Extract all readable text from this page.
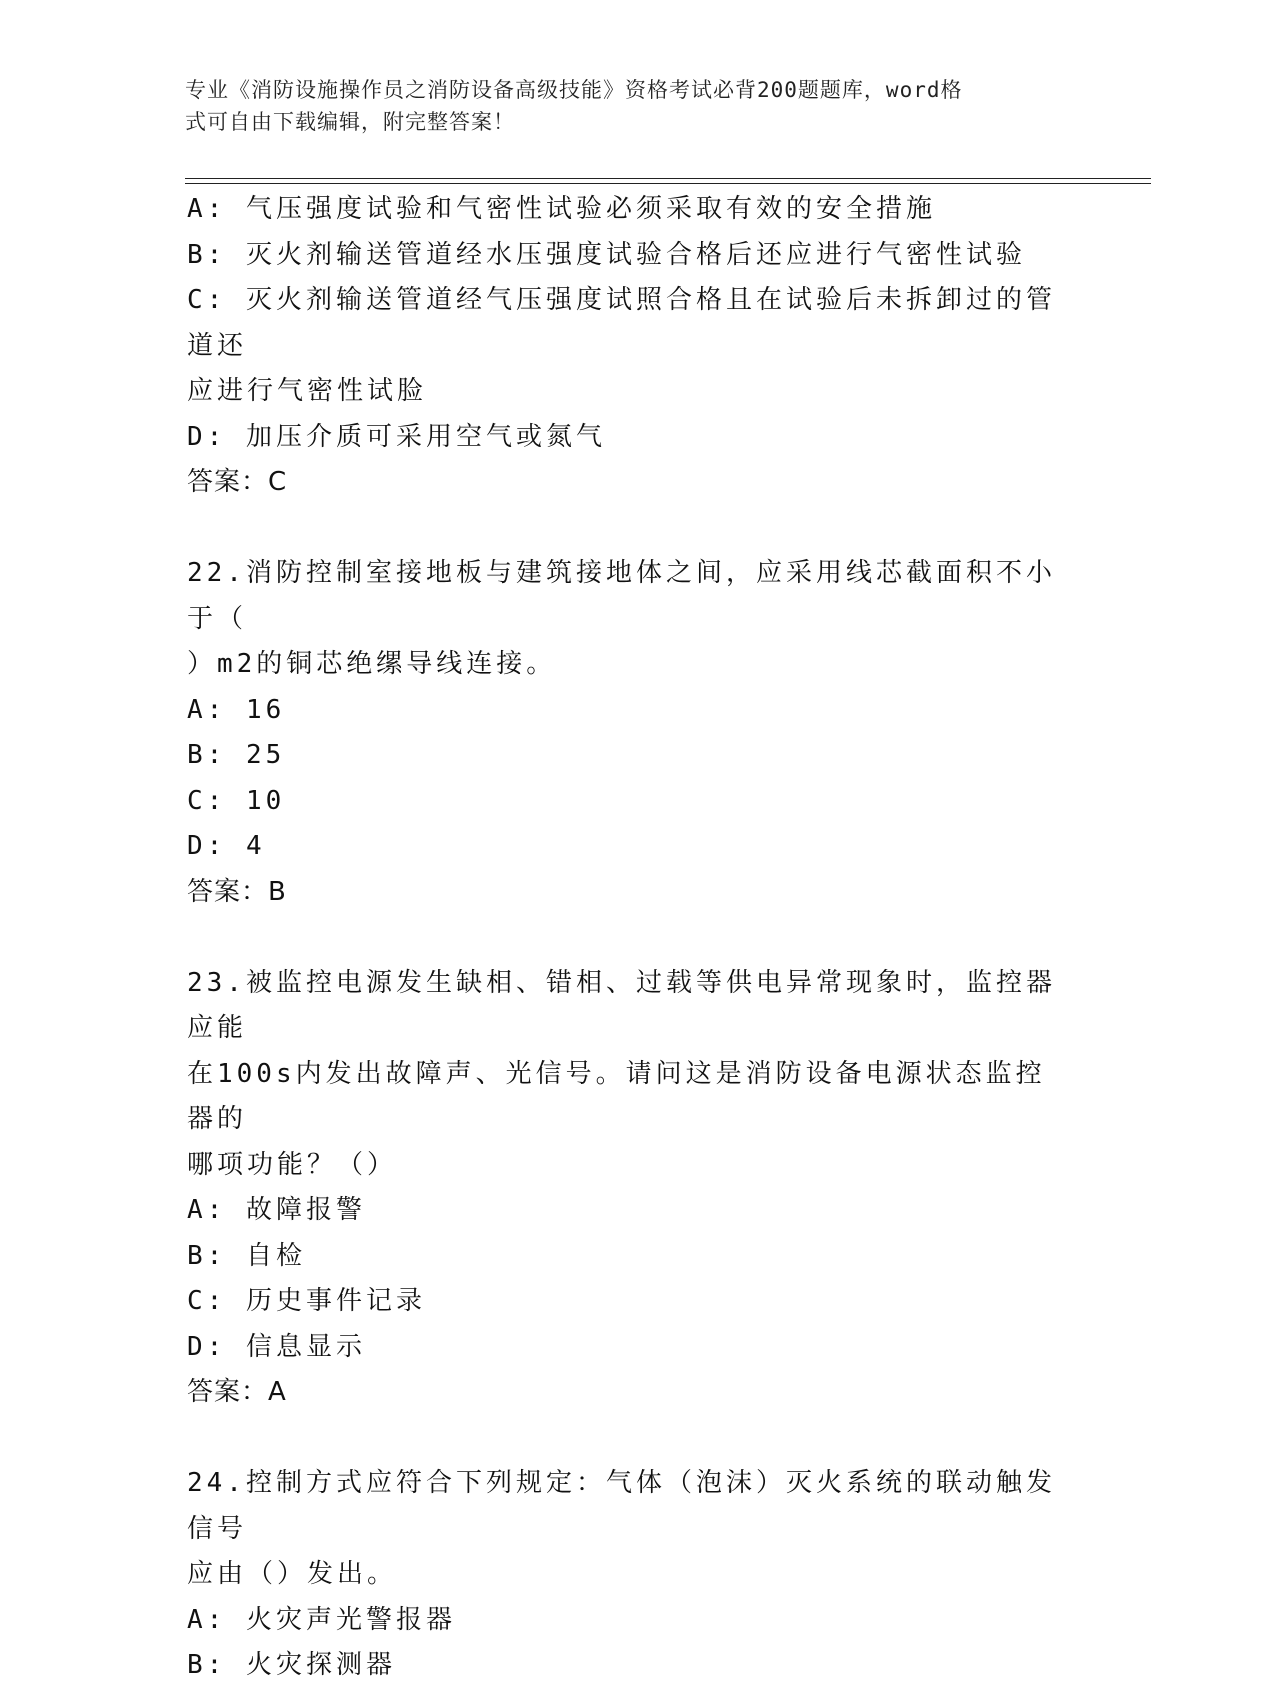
专业《消防设施操作员之消防设备高级技能》资格考试必背200题题库，word格
式可自由下载编辑，附完整答案！

A: 气压强度试验和气密性试验必须采取有效的安全措施

B: 灭火剂输送管道经水压强度试验合格后还应进行气密性试验

C: 灭火剂输送管道经气压强度试照合格且在试验后未拆卸过的管道还

应进行气密性试脸

D: 加压介质可采用空气或氮气

答案：C

22.消防控制室接地板与建筑接地体之间，应采用线芯截面积不小于（

）m2的铜芯绝缧导线连接。

A: 16

B: 25

C: 10

D: 4

答案：B

23.被监控电源发生缺相、错相、过载等供电异常现象时，监控器应能

在100s内发出故障声、光信号。请问这是消防设备电源状态监控器的

哪项功能？（）

A: 故障报警

B: 自检

C: 历史事件记录

D: 信息显示

答案：A

24.控制方式应符合下列规定：气体（泡沫）灭火系统的联动触发信号

应由（）发出。

A: 火灾声光警报器

B: 火灾探测器
